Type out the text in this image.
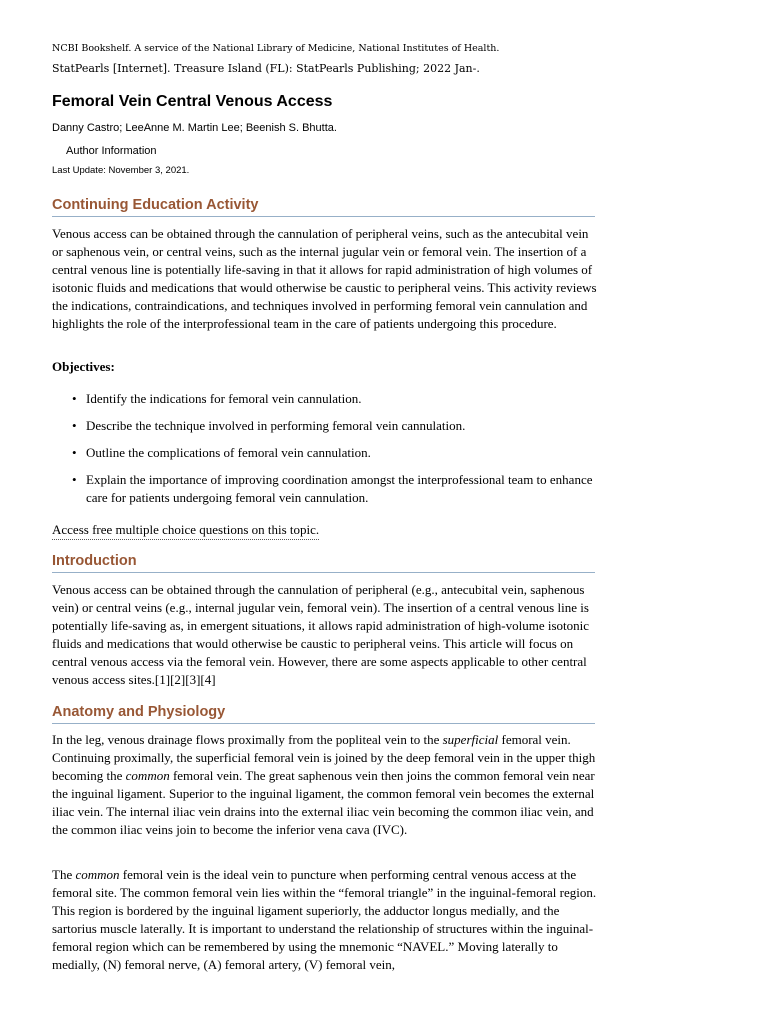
NCBI Bookshelf. A service of the National Library of Medicine, National Institutes of Health.
StatPearls [Internet]. Treasure Island (FL): StatPearls Publishing; 2022 Jan-.
Femoral Vein Central Venous Access
Danny Castro; LeeAnne M. Martin Lee; Beenish S. Bhutta.
Author Information
Last Update: November 3, 2021.
Continuing Education Activity

Venous access can be obtained through the cannulation of peripheral veins, such as the antecubital vein or saphenous vein, or central veins, such as the internal jugular vein or femoral vein. The insertion of a central venous line is potentially life-saving in that it allows for rapid administration of high volumes of isotonic fluids and medications that would otherwise be caustic to peripheral veins. This activity reviews the indications, contraindications, and techniques involved in performing femoral vein cannulation and highlights the role of the interprofessional team in the care of patients undergoing this procedure.

Objectives:
• Identify the indications for femoral vein cannulation.
• Describe the technique involved in performing femoral vein cannulation.
• Outline the complications of femoral vein cannulation.
• Explain the importance of improving coordination amongst the interprofessional team to enhance care for patients undergoing femoral vein cannulation.
Access free multiple choice questions on this topic.
Introduction

Venous access can be obtained through the cannulation of peripheral (e.g., antecubital vein, saphenous vein) or central veins (e.g., internal jugular vein, femoral vein). The insertion of a central venous line is potentially life-saving as, in emergent situations, it allows rapid administration of high-volume isotonic fluids and medications that would otherwise be caustic to peripheral veins. This article will focus on central venous access via the femoral vein. However, there are some aspects applicable to other central venous access sites.[1][2][3][4]

Anatomy and Physiology

In the leg, venous drainage flows proximally from the popliteal vein to the superficial femoral vein. Continuing proximally, the superficial femoral vein is joined by the deep femoral vein in the upper thigh becoming the common femoral vein. The great saphenous vein then joins the common femoral vein near the inguinal ligament. Superior to the inguinal ligament, the common femoral vein becomes the external iliac vein. The internal iliac vein drains into the external iliac vein becoming the common iliac vein, and the common iliac veins join to become the inferior vena cava (IVC).

The common femoral vein is the ideal vein to puncture when performing central venous access at the femoral site. The common femoral vein lies within the “femoral triangle” in the inguinal-femoral region. This region is bordered by the inguinal ligament superiorly, the adductor longus medially, and the sartorius muscle laterally. It is important to understand the relationship of structures within the inguinal-femoral region which can be remembered by using the mnemonic “NAVEL.” Moving laterally to medially, (N) femoral nerve, (A) femoral artery, (V) femoral vein,
